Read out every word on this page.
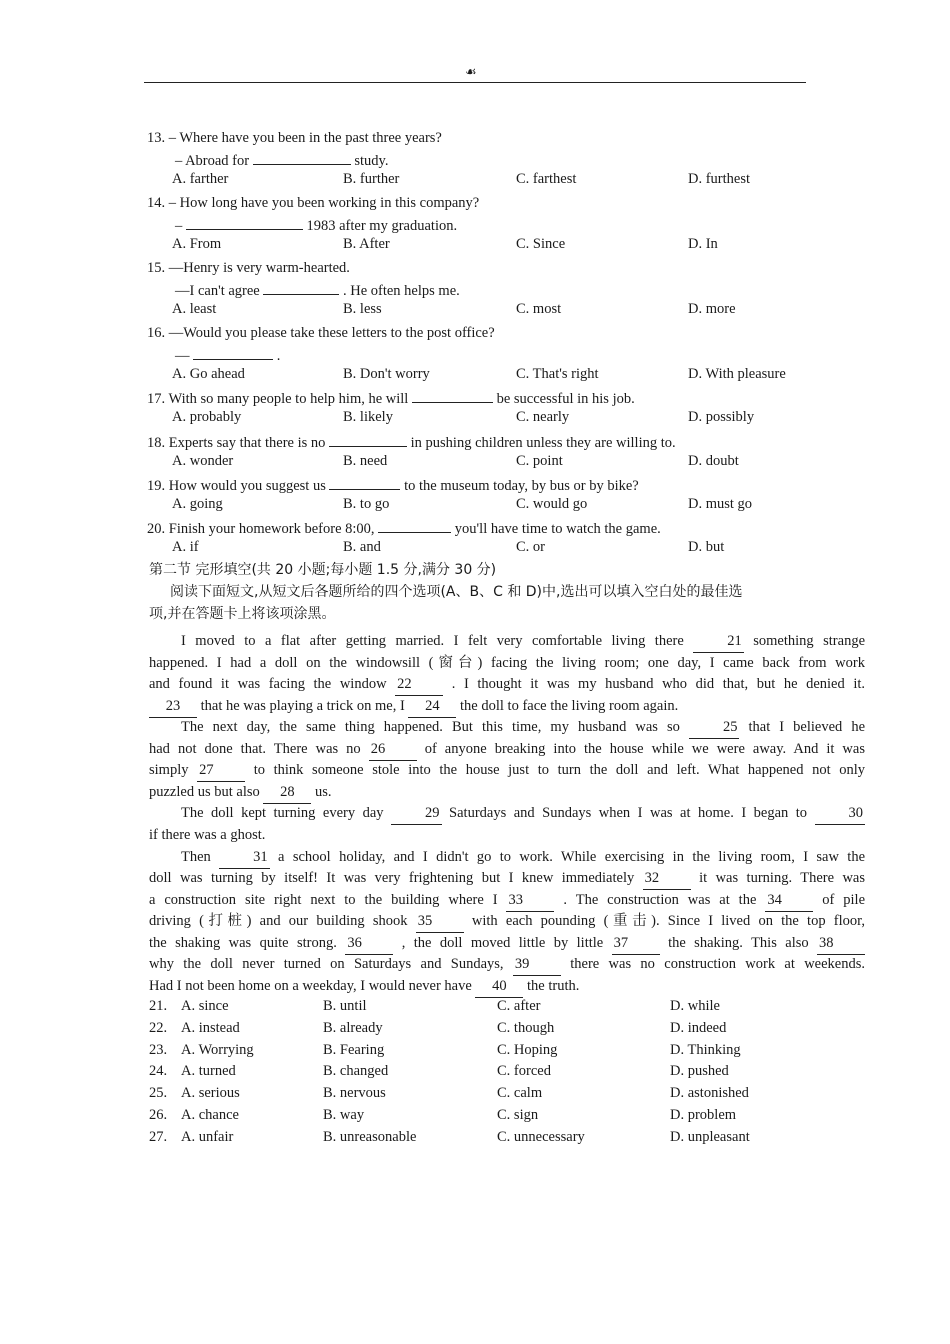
☙
13. – Where have you been in the past three years?
– Abroad for	study.
A. farther	B. further	C. farthest	D. furthest
14. – How long have you been working in this company?
–	1983 after my graduation.
A. From	B. After	C. Since	D. In
15. —Henry is very warm-hearted.
—I can't agree	. He often helps me.
A. least	B. less	C. most	D. more
16. —Would you please take these letters to the post office?
—	.
A. Go ahead	B. Don't worry	C. That's right	D. With pleasure
17. With so many people to help him, he will	be successful in his job.
A. probably	B. likely	C. nearly	D. possibly
18. Experts say that there is no	in pushing children unless they are willing to.
A. wonder	B. need	C. point	D. doubt
19. How would you suggest us	to the museum today, by bus or by bike?
A. going	B. to go	C. would go	D. must go
20. Finish your homework before 8:00,	you'll have time to watch the game.
A. if	B. and	C. or	D. but
第二节 完形填空(共 20 小题;每小题 1.5 分,满分 30 分)
阅读下面短文,从短文后各题所给的四个选项(A、B、C 和 D)中,选出可以填入空白处的最佳选
项,并在答题卡上将该项涂黑。
I moved to a flat after getting married. I felt very comfortable living there	21 something strange
happened. I had a doll on the windowsill (窗台) facing the living room; one day, I came back from work
and found it was facing the window 22	. I thought it was my husband who did that, but he denied it.
23 that he was playing a trick on me, I 24 the doll to face the living room again.
The next day, the same thing happened. But this time, my husband was so	25 that I believed he
had not done that. There was no 26	of anyone breaking into the house while we were away. And it was
simply 27	to think someone stole into the house just to turn the doll and left. What happened not only
puzzled us but also 28 us.
The doll kept turning every day	29 Saturdays and Sundays when I was at home. I began to	30
if there was a ghost.
Then	31 a school holiday, and I didn't go to work. While exercising in the living room, I saw the
doll was turning by itself! It was very frightening but I knew immediately 32	it was turning. There was
a construction site right next to the building where I 33	. The construction was at the 34	of pile
driving (打桩) and our building shook 35	with each pounding (重击). Since I lived on the top floor,
the shaking was quite strong. 36	, the doll moved little by little 37	the shaking. This also 38
why the doll never turned on Saturdays and Sundays, 39	there was no construction work at weekends.
Had I not been home on a weekday, I would never have 40 the truth.
21. A. since	B. until	C. after	D. while
22. A. instead	B. already	C. though	D. indeed
23. A. Worrying	B. Fearing	C. Hoping	D. Thinking
24. A. turned	B. changed	C. forced	D. pushed
25. A. serious	B. nervous	C. calm	D. astonished
26. A. chance	B. way	C. sign	D. problem
27. A. unfair	B. unreasonable	C. unnecessary	D. unpleasant
